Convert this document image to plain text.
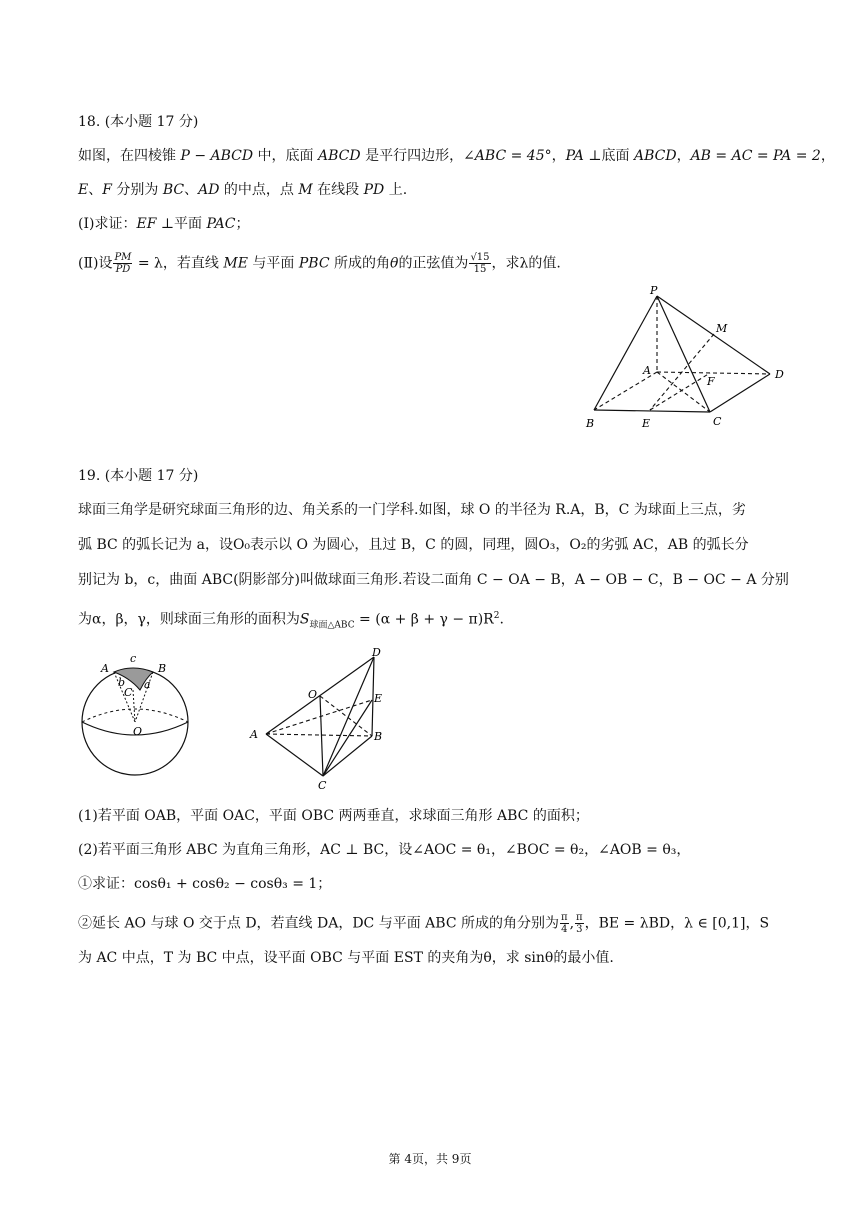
18. (本小题 17 分)
如图，在四棱锥 P − ABCD 中，底面 ABCD 是平行四边形，∠ABC = 45°，PA ⊥底面 ABCD，AB = AC = PA = 2，
E、F 分别为 BC、AD 的中点，点 M 在线段 PD 上.
(Ⅰ)求证：EF ⊥平面 PAC；
(Ⅱ)设 $\frac{PM}{PD} = \lambda$，若直线 ME 与平面 PBC 所成的角θ的正弦值为 $\frac{√15}{15}$ ，求λ的值.
P
M
A
F
D
B	E	C
19. (本小题 17 分)
球面三角学是研究球面三角形的边、角关系的一门学科.如图，球 O 的半径为 R.A，B，C 为球面上三点，劣
弧 BC 的弧长记为 a，设O₀表示以 O 为圆心，且过 B，C 的圆，同理，圆O₃，O₂的劣弧 AC，AB 的弧长分
别记为 b，c，曲面 ABC(阴影部分)叫做球面三角形.若设二面角 C − OA − B，A − OB − C，B − OC − A 分别
为α，β，γ，则球面三角形的面积为$S_{球面\triangle ABC} = (\alpha + \beta + \gamma - \pi)R^2$.
A
c
B
b
C
a
O
D
O	E
A	B
C
(1)若平面 OAB，平面 OAC，平面 OBC 两两垂直，求球面三角形 ABC 的面积；
(2)若平面三角形 ABC 为直角三角形，AC ⊥ BC，设∠AOC = θ₁，∠BOC = θ₂，∠AOB = θ₃，
①求证：cosθ₁ + cosθ₂ − cosθ₃ = 1；
②延长 AO 与球 O 交于点 D，若直线 DA，DC 与平面 ABC 所成的角分别为 $\frac{\pi}{4}$ , $\frac{\pi}{3}$ ，BE = λBD，λ ∈ [0,1]，S
为 AC 中点，T 为 BC 中点，设平面 OBC 与平面 EST 的夹角为θ，求 sinθ的最小值.
第 4页，共 9页
